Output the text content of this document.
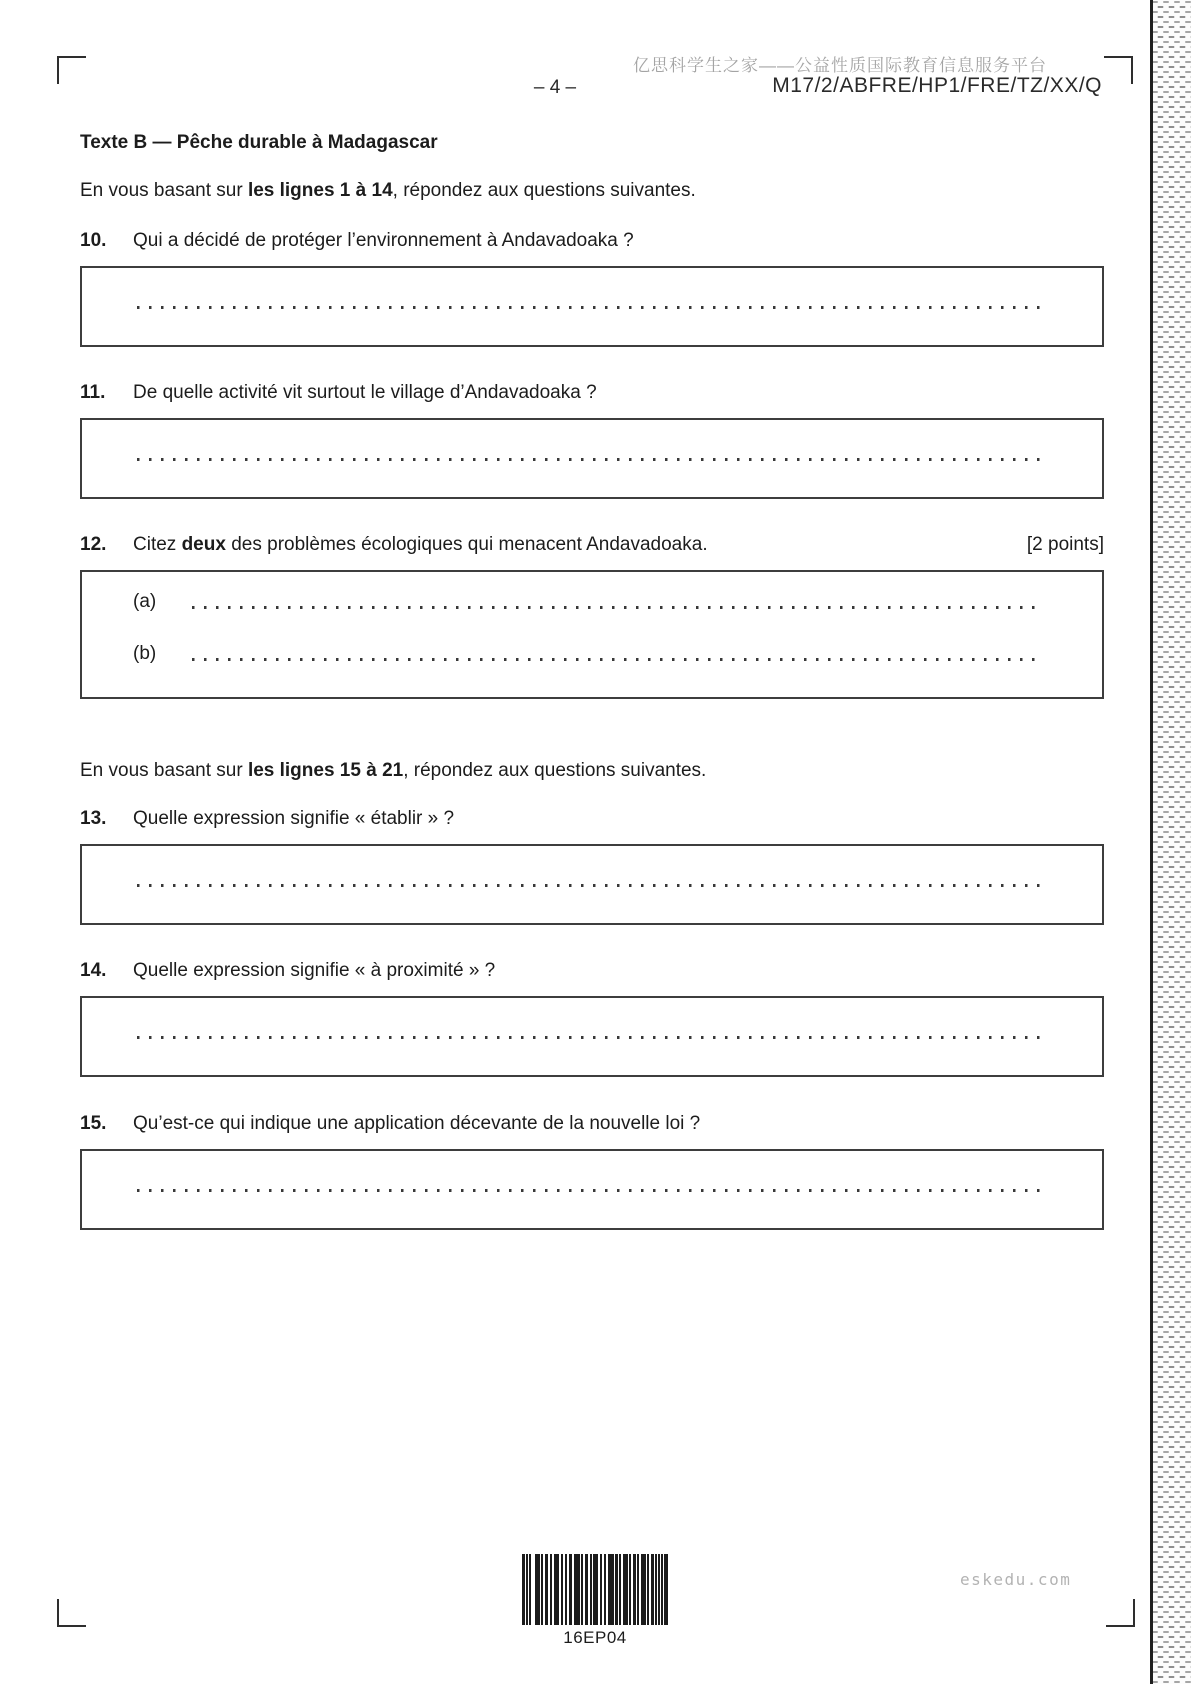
亿思科学生之家——公益性质国际教育信息服务平台
– 4 –	M17/2/ABFRE/HP1/FRE/TZ/XX/Q

Texte B — Pêche durable à Madagascar

En vous basant sur les lignes 1 à 14, répondez aux questions suivantes.

10.	Qui a décidé de protéger l’environnement à Andavadoaka ?
11.	De quelle activité vit surtout le village d’Andavadoaka ?
12.	Citez deux des problèmes écologiques qui menacent Andavadoaka.	[2 points]
(a)
(b)

En vous basant sur les lignes 15 à 21, répondez aux questions suivantes.

13.	Quelle expression signifie « établir » ?
14.	Quelle expression signifie « à proximité » ?
15.	Qu’est-ce qui indique une application décevante de la nouvelle loi ?
16EP04
eskedu.com
